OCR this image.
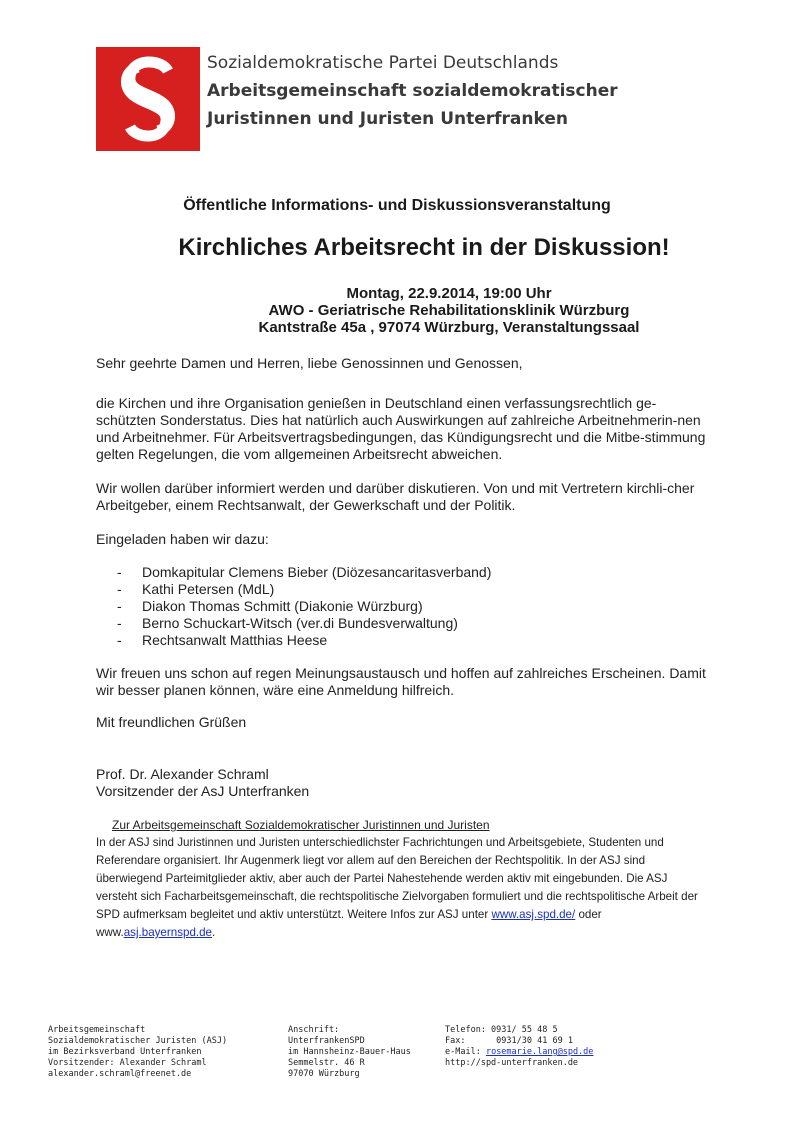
Sozialdemokratische Partei Deutschlands
Arbeitsgemeinschaft sozialdemokratischer
Juristinnen und Juristen Unterfranken
Öffentliche Informations- und Diskussionsveranstaltung
Kirchliches Arbeitsrecht in der Diskussion!
Montag, 22.9.2014, 19:00 Uhr
AWO - Geriatrische Rehabilitationsklinik Würzburg
Kantstraße 45a , 97074 Würzburg, Veranstaltungssaal
Sehr geehrte Damen und Herren, liebe Genossinnen und Genossen,
die Kirchen und ihre Organisation genießen in Deutschland einen verfassungsrechtlich ge-schützten Sonderstatus. Dies hat natürlich auch Auswirkungen auf zahlreiche Arbeitnehmerin-nen und Arbeitnehmer. Für Arbeitsvertragsbedingungen, das Kündigungsrecht und die Mitbe-stimmung gelten Regelungen, die vom allgemeinen Arbeitsrecht abweichen.
Wir wollen darüber informiert werden und darüber diskutieren. Von und mit Vertretern kirchli-cher Arbeitgeber, einem Rechtsanwalt, der Gewerkschaft und der Politik.
Eingeladen haben wir dazu:
- Domkapitular Clemens Bieber (Diözesancaritasverband)
- Kathi Petersen (MdL)
- Diakon Thomas Schmitt (Diakonie Würzburg)
- Berno Schuckart-Witsch (ver.di Bundesverwaltung)
- Rechtsanwalt Matthias Heese
Wir freuen uns schon auf regen Meinungsaustausch und hoffen auf zahlreiches Erscheinen. Damit wir besser planen können, wäre eine Anmeldung hilfreich.
Mit freundlichen Grüßen
Prof. Dr. Alexander Schraml
Vorsitzender der AsJ Unterfranken
Zur Arbeitsgemeinschaft Sozialdemokratischer Juristinnen und Juristen
In der ASJ sind Juristinnen und Juristen unterschiedlichster Fachrichtungen und Arbeitsgebiete, Studenten und Referendare organisiert. Ihr Augenmerk liegt vor allem auf den Bereichen der Rechtspolitik. In der ASJ sind überwiegend Parteimitglieder aktiv, aber auch der Partei Nahestehende werden aktiv mit eingebunden. Die ASJ versteht sich Facharbeitsgemeinschaft, die rechtspolitische Zielvorgaben formuliert und die rechtspolitische Arbeit der SPD aufmerksam begleitet und aktiv unterstützt. Weitere Infos zur ASJ unter www.asj.spd.de/ oder www.asj.bayernspd.de.
Arbeitsgemeinschaft
Sozialdemokratischer Juristen (ASJ)
im Bezirksverband Unterfranken
Vorsitzender: Alexander Schraml
alexander.schraml@freenet.de
Anschrift:
UnterfrankenSPD
im Hannsheinz-Bauer-Haus
Semmelstr. 46 R
97070 Würzburg
Telefon: 0931/ 55 48 5
Fax:      0931/30 41 69 1
e-Mail: rosemarie.lang@spd.de
http://spd-unterfranken.de
